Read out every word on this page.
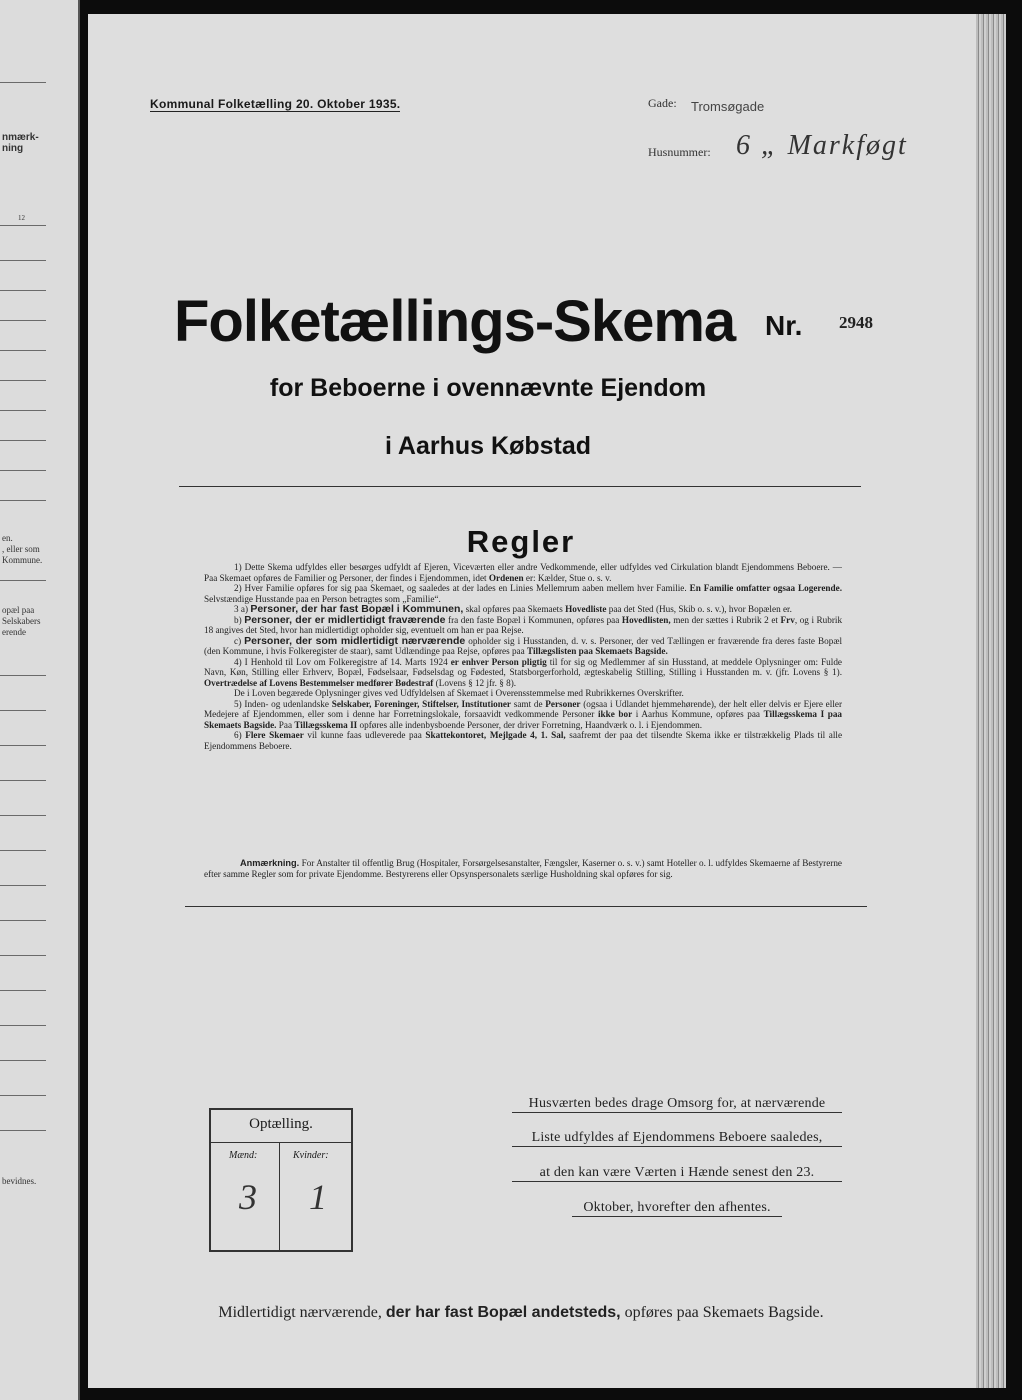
nmærk-
ning
12
en.
, eller som
Kommune.
opæl paa
Selskabers
erende
bevidnes.
Kommunal Folketælling 20. Oktober 1935.	Gade: Tromsøgade
Husnummer: 6 „ Markføgt
Folketællings-Skema Nr. 2948
for Beboerne i ovennævnte Ejendom
i Aarhus Købstad
Regler

1) Dette Skema udfyldes eller besørges udfyldt af Ejeren, Viceværten eller andre Vedkommende, eller udfyldes ved Cirkulation blandt Ejendommens Beboere. — Paa Skemaet opføres de Familier og Personer, der findes i Ejendommen, idet Ordenen er: Kælder, Stue o. s. v.

2) Hver Familie opføres for sig paa Skemaet, og saaledes at der lades en Linies Mellemrum aaben mellem hver Familie. En Familie omfatter ogsaa Logerende. Selvstændige Husstande paa en Person betragtes som „Familie“.

3 a) Personer, der har fast Bopæl i Kommunen, skal opføres paa Skemaets Hovedliste paa det Sted (Hus, Skib o. s. v.), hvor Bopælen er.

b) Personer, der er midlertidigt fraværende fra den faste Bopæl i Kommunen, opføres paa Hovedlisten, men der sættes i Rubrik 2 et Frv, og i Rubrik 18 angives det Sted, hvor han midlertidigt opholder sig, eventuelt om han er paa Rejse.

c) Personer, der som midlertidigt nærværende opholder sig i Husstanden, d. v. s. Personer, der ved Tællingen er fraværende fra deres faste Bopæl (den Kommune, i hvis Folkeregister de staar), samt Udlændinge paa Rejse, opføres paa Tillægslisten paa Skemaets Bagside.

4) I Henhold til Lov om Folkeregistre af 14. Marts 1924 er enhver Person pligtig til for sig og Medlemmer af sin Husstand, at meddele Oplysninger om: Fulde Navn, Køn, Stilling eller Erhverv, Bopæl, Fødselsaar, Fødselsdag og Fødested, Statsborgerforhold, ægteskabelig Stilling, Stilling i Husstanden m. v. (jfr. Lovens § 1). Overtrædelse af Lovens Bestemmelser medfører Bødestraf (Lovens § 12 jfr. § 8).

De i Loven begærede Oplysninger gives ved Udfyldelsen af Skemaet i Overensstemmelse med Rubrikkernes Overskrifter.

5) Inden- og udenlandske Selskaber, Foreninger, Stiftelser, Institutioner samt de Personer (ogsaa i Udlandet hjemmehørende), der helt eller delvis er Ejere eller Medejere af Ejendommen, eller som i denne har Forretningslokale, forsaavidt vedkommende Personer ikke bor i Aarhus Kommune, opføres paa Tillægsskema I paa Skemaets Bagside. Paa Tillægsskema II opføres alle indenbysboende Personer, der driver Forretning, Haandværk o. l. i Ejendommen.

6) Flere Skemaer vil kunne faas udleverede paa Skattekontoret, Mejlgade 4, 1. Sal, saafremt der paa det tilsendte Skema ikke er tilstrækkelig Plads til alle Ejendommens Beboere.

Anmærkning. For Anstalter til offentlig Brug (Hospitaler, Forsørgelsesanstalter, Fængsler, Kaserner o. s. v.) samt Hoteller o. l. udfyldes Skemaerne af Bestyrerne efter samme Regler som for private Ejendomme. Bestyrerens eller Opsynspersonalets særlige Husholdning skal opføres for sig.

Optælling.
Mænd:	Kvinder:
3 1
Husværten bedes drage Omsorg for, at nærværende
Liste udfyldes af Ejendommens Beboere saaledes,
at den kan være Værten i Hænde senest den 23.
Oktober, hvorefter den afhentes.
Midlertidigt nærværende, der har fast Bopæl andetsteds, opføres paa Skemaets Bagside.
